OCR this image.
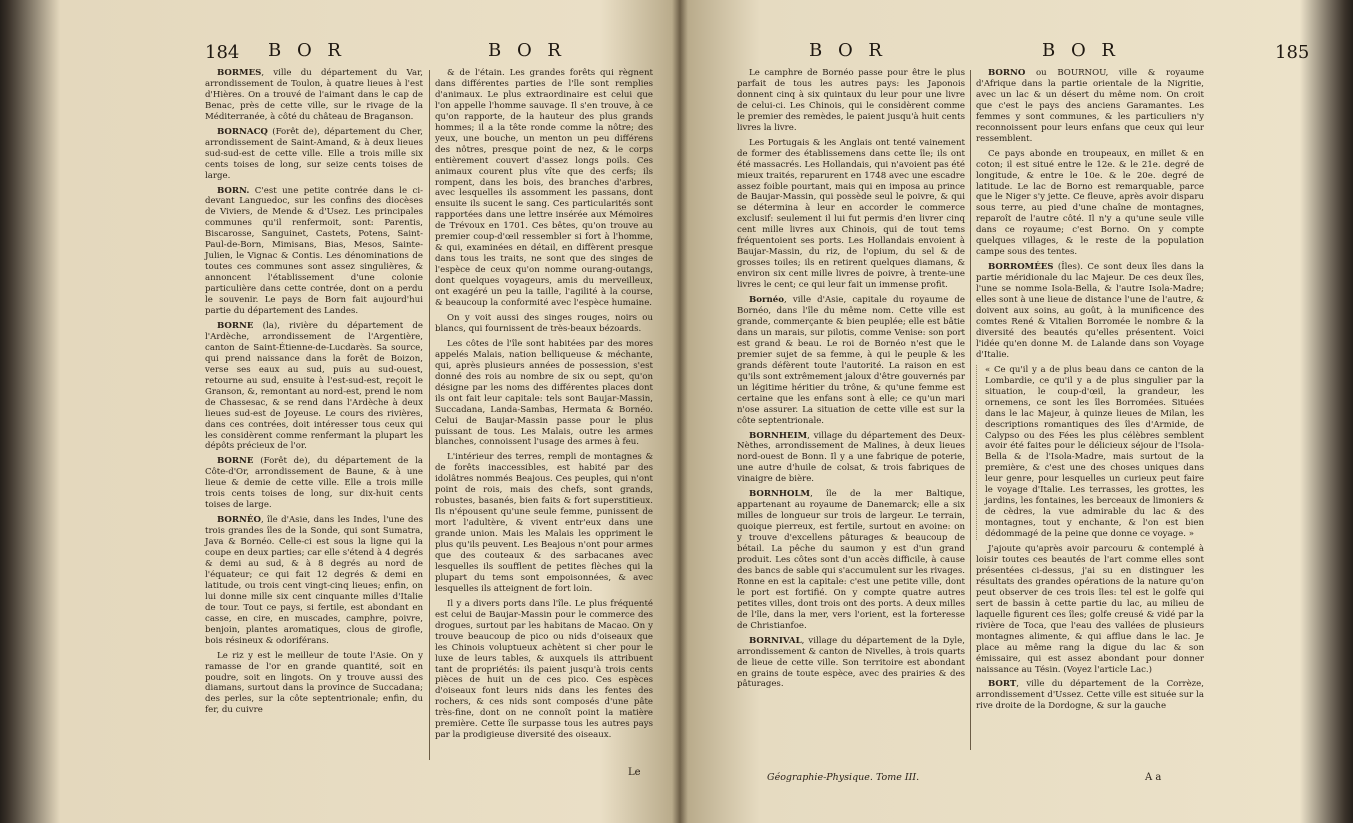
184 B O R	B O R

BORMES, ville du département du Var, arrondissement de Toulon, à quatre lieues à l'est d'Hières. On a trouvé de l'aimant dans le cap de Benac, près de cette ville, sur le rivage de la Méditerranée, à côté du château de Braganson.

BORNACQ (Forêt de), département du Cher, arrondissement de Saint-Amand, & à deux lieues sud-sud-est de cette ville. Elle a trois mille six cents toises de long, sur seize cents toises de large.

BORN. C'est une petite contrée dans le ci-devant Languedoc, sur les confins des diocèses de Viviers, de Mende & d'Usez. Les principales communes qu'il renfermoit, sont: Parentis, Biscarosse, Sanguinet, Castets, Potens, Saint-Paul-de-Born, Mimisans, Bias, Mesos, Sainte-Julien, le Vignac & Contis. Les dénominations de toutes ces communes sont assez singulières, & annoncent l'établissement d'une colonie particulière dans cette contrée, dont on a perdu le souvenir. Le pays de Born fait aujourd'hui partie du département des Landes.

BORNE (la), rivière du département de l'Ardèche, arrondissement de l'Argentière, canton de Saint-Étienne-de-Lucdarès. Sa source, qui prend naissance dans la forêt de Boizon, verse ses eaux au sud, puis au sud-ouest, retourne au sud, ensuite à l'est-sud-est, reçoit le Granson, &, remontant au nord-est, prend le nom de Chassesac, & se rend dans l'Ardèche à deux lieues sud-est de Joyeuse. Le cours des rivières, dans ces contrées, doit intéresser tous ceux qui les considèrent comme renfermant la plupart les dépôts précieux de l'or.

BORNE (Forêt de), du département de la Côte-d'Or, arrondissement de Baune, & à une lieue & demie de cette ville. Elle a trois mille trois cents toises de long, sur dix-huit cents toises de large.

BORNÉO, île d'Asie, dans les Indes, l'une des trois grandes îles de la Sonde, qui sont Sumatra, Java & Bornéo. Celle-ci est sous la ligne qui la coupe en deux parties; car elle s'étend à 4 degrés & demi au sud, & à 8 degrés au nord de l'équateur; ce qui fait 12 degrés & demi en latitude, ou trois cent vingt-cinq lieues; enfin, on lui donne mille six cent cinquante milles d'Italie de tour. Tout ce pays, si fertile, est abondant en casse, en cire, en muscades, camphre, poivre, benjoin, plantes aromatiques, clous de girofle, bois résineux & odoriférans.

Le riz y est le meilleur de toute l'Asie. On y ramasse de l'or en grande quantité, soit en poudre, soit en lingots. On y trouve aussi des diamans, surtout dans la province de Succadana; des perles, sur la côte septentrionale; enfin, du fer, du cuivre

& de l'étain. Les grandes forêts qui règnent dans différentes parties de l'île sont remplies d'animaux. Le plus extraordinaire est celui que l'on appelle l'homme sauvage. Il s'en trouve, à ce qu'on rapporte, de la hauteur des plus grands hommes; il a la tête ronde comme la nôtre; des yeux, une bouche, un menton un peu différens des nôtres, presque point de nez, & le corps entièrement couvert d'assez longs poils. Ces animaux courent plus vîte que des cerfs; ils rompent, dans les bois, des branches d'arbres, avec lesquelles ils assomment les passans, dont ensuite ils sucent le sang. Ces particularités sont rapportées dans une lettre insérée aux Mémoires de Trévoux en 1701. Ces bêtes, qu'on trouve au premier coup-d'œil ressembler si fort à l'homme, & qui, examinées en détail, en diffèrent presque dans tous les traits, ne sont que des singes de l'espèce de ceux qu'on nomme ourang-outangs, dont quelques voyageurs, amis du merveilleux, ont exagéré un peu la taille, l'agilité à la course, & beaucoup la conformité avec l'espèce humaine.

On y voit aussi des singes rouges, noirs ou blancs, qui fournissent de très-beaux bézoards.

Les côtes de l'île sont habitées par des mores appelés Malais, nation belliqueuse & méchante, qui, après plusieurs années de possession, s'est donné des rois au nombre de six ou sept, qu'on désigne par les noms des différentes places dont ils ont fait leur capitale: tels sont Baujar-Massin, Succadana, Landa-Sambas, Hermata & Bornéo. Celui de Baujar-Massin passe pour le plus puissant de tous. Les Malais, outre les armes blanches, connoissent l'usage des armes à feu.

L'intérieur des terres, rempli de montagnes & de forêts inaccessibles, est habité par des idolâtres nommés Beajous. Ces peuples, qui n'ont point de rois, mais des chefs, sont grands, robustes, basanés, bien faits & fort superstitieux. Ils n'épousent qu'une seule femme, punissent de mort l'adultère, & vivent entr'eux dans une grande union. Mais les Malais les oppriment le plus qu'ils peuvent. Les Beajous n'ont pour armes que des couteaux & des sarbacanes avec lesquelles ils soufflent de petites flèches qui la plupart du tems sont empoisonnées, & avec lesquelles ils atteignent de fort loin.

Il y a divers ports dans l'île. Le plus fréquenté est celui de Baujar-Massin pour le commerce des drogues, surtout par les habitans de Macao. On y trouve beaucoup de pico ou nids d'oiseaux que les Chinois voluptueux achètent si cher pour le luxe de leurs tables, & auxquels ils attribuent tant de propriétés: ils paient jusqu'à trois cents pièces de huit un de ces pico. Ces espèces d'oiseaux font leurs nids dans les fentes des rochers, & ces nids sont composés d'une pâte très-fine, dont on ne connoît point la matière première. Cette île surpasse tous les autres pays par la prodigieuse diversité des oiseaux.

Le
B O R	B O R	185

Le camphre de Bornéo passe pour être le plus parfait de tous les autres pays: les Japonois donnent cinq à six quintaux du leur pour une livre de celui-ci. Les Chinois, qui le considèrent comme le premier des remèdes, le paient jusqu'à huit cents livres la livre.

Les Portugais & les Anglais ont tenté vainement de former des établissemens dans cette île; ils ont été massacrés. Les Hollandais, qui n'avoient pas été mieux traités, reparurent en 1748 avec une escadre assez foible pourtant, mais qui en imposa au prince de Baujar-Massin, qui possède seul le poivre, & qui se détermina à leur en accorder le commerce exclusif: seulement il lui fut permis d'en livrer cinq cent mille livres aux Chinois, qui de tout tems fréquentoient ses ports. Les Hollandais envoient à Baujar-Massin, du riz, de l'opium, du sel & de grosses toiles; ils en retirent quelques diamans, & environ six cent mille livres de poivre, à trente-une livres le cent; ce qui leur fait un immense profit.

Bornéo, ville d'Asie, capitale du royaume de Bornéo, dans l'île du même nom. Cette ville est grande, commerçante & bien peuplée; elle est bâtie dans un marais, sur pilotis, comme Venise: son port est grand & beau. Le roi de Bornéo n'est que le premier sujet de sa femme, à qui le peuple & les grands défèrent toute l'autorité. La raison en est qu'ils sont extrêmement jaloux d'être gouvernés par un légitime héritier du trône, & qu'une femme est certaine que les enfans sont à elle; ce qu'un mari n'ose assurer. La situation de cette ville est sur la côte septentrionale.

BORNHEIM, village du département des Deux-Nèthes, arrondissement de Malines, à deux lieues nord-ouest de Bonn. Il y a une fabrique de poterie, une autre d'huile de colsat, & trois fabriques de vinaigre de bière.

BORNHOLM, île de la mer Baltique, appartenant au royaume de Danemarck; elle a six milles de longueur sur trois de largeur. Le terrain, quoique pierreux, est fertile, surtout en avoine: on y trouve d'excellens pâturages & beaucoup de bétail. La pêche du saumon y est d'un grand produit. Les côtes sont d'un accès difficile, à cause des bancs de sable qui s'accumulent sur les rivages. Ronne en est la capitale: c'est une petite ville, dont le port est fortifié. On y compte quatre autres petites villes, dont trois ont des ports. A deux milles de l'île, dans la mer, vers l'orient, est la forteresse de Christianfoe.

BORNIVAL, village du département de la Dyle, arrondissement & canton de Nivelles, à trois quarts de lieue de cette ville. Son territoire est abondant en grains de toute espèce, avec des prairies & des pâturages.

BORNO ou BOURNOU, ville & royaume d'Afrique dans la partie orientale de la Nigritie, avec un lac & un désert du même nom. On croit que c'est le pays des anciens Garamantes. Les femmes y sont communes, & les particuliers n'y reconnoissent pour leurs enfans que ceux qui leur ressemblent.

Ce pays abonde en troupeaux, en millet & en coton; il est situé entre le 12e. & le 21e. degré de longitude, & entre le 10e. & le 20e. degré de latitude. Le lac de Borno est remarquable, parce que le Niger s'y jette. Ce fleuve, après avoir disparu sous terre, au pied d'une chaîne de montagnes, reparoît de l'autre côté. Il n'y a qu'une seule ville dans ce royaume; c'est Borno. On y compte quelques villages, & le reste de la population campe sous des tentes.

BORROMÉES (Îles). Ce sont deux îles dans la partie méridionale du lac Majeur. De ces deux îles, l'une se nomme Isola-Bella, & l'autre Isola-Madre; elles sont à une lieue de distance l'une de l'autre, & doivent aux soins, au goût, à la munificence des comtes René & Vitalien Borromée le nombre & la diversité des beautés qu'elles présentent. Voici l'idée qu'en donne M. de Lalande dans son Voyage d'Italie.

« Ce qu'il y a de plus beau dans ce canton de la Lombardie, ce qu'il y a de plus singulier par la situation, le coup-d'œil, la grandeur, les ornemens, ce sont les îles Borromées. Situées dans le lac Majeur, à quinze lieues de Milan, les descriptions romantiques des îles d'Armide, de Calypso ou des Fées les plus célèbres semblent avoir été faites pour le délicieux séjour de l'Isola-Bella & de l'Isola-Madre, mais surtout de la première, & c'est une des choses uniques dans leur genre, pour lesquelles un curieux peut faire le voyage d'Italie. Les terrasses, les grottes, les jardins, les fontaines, les berceaux de limoniers & de cèdres, la vue admirable du lac & des montagnes, tout y enchante, & l'on est bien dédommagé de la peine que donne ce voyage. »

J'ajoute qu'après avoir parcouru & contemplé à loisir toutes ces beautés de l'art comme elles sont présentées ci-dessus, j'ai su en distinguer les résultats des grandes opérations de la nature qu'on peut observer de ces trois îles: tel est le golfe qui sert de bassin à cette partie du lac, au milieu de laquelle figurent ces îles; golfe creusé & vidé par la rivière de Toca, que l'eau des vallées de plusieurs montagnes alimente, & qui afflue dans le lac. Je place au même rang la digue du lac & son émissaire, qui est assez abondant pour donner naissance au Tésin. (Voyez l'article Lac.)

BORT, ville du département de la Corrèze, arrondissement d'Ussez. Cette ville est située sur la rive droite de la Dordogne, & sur la gauche

Géographie-Physique. Tome III.	A a
